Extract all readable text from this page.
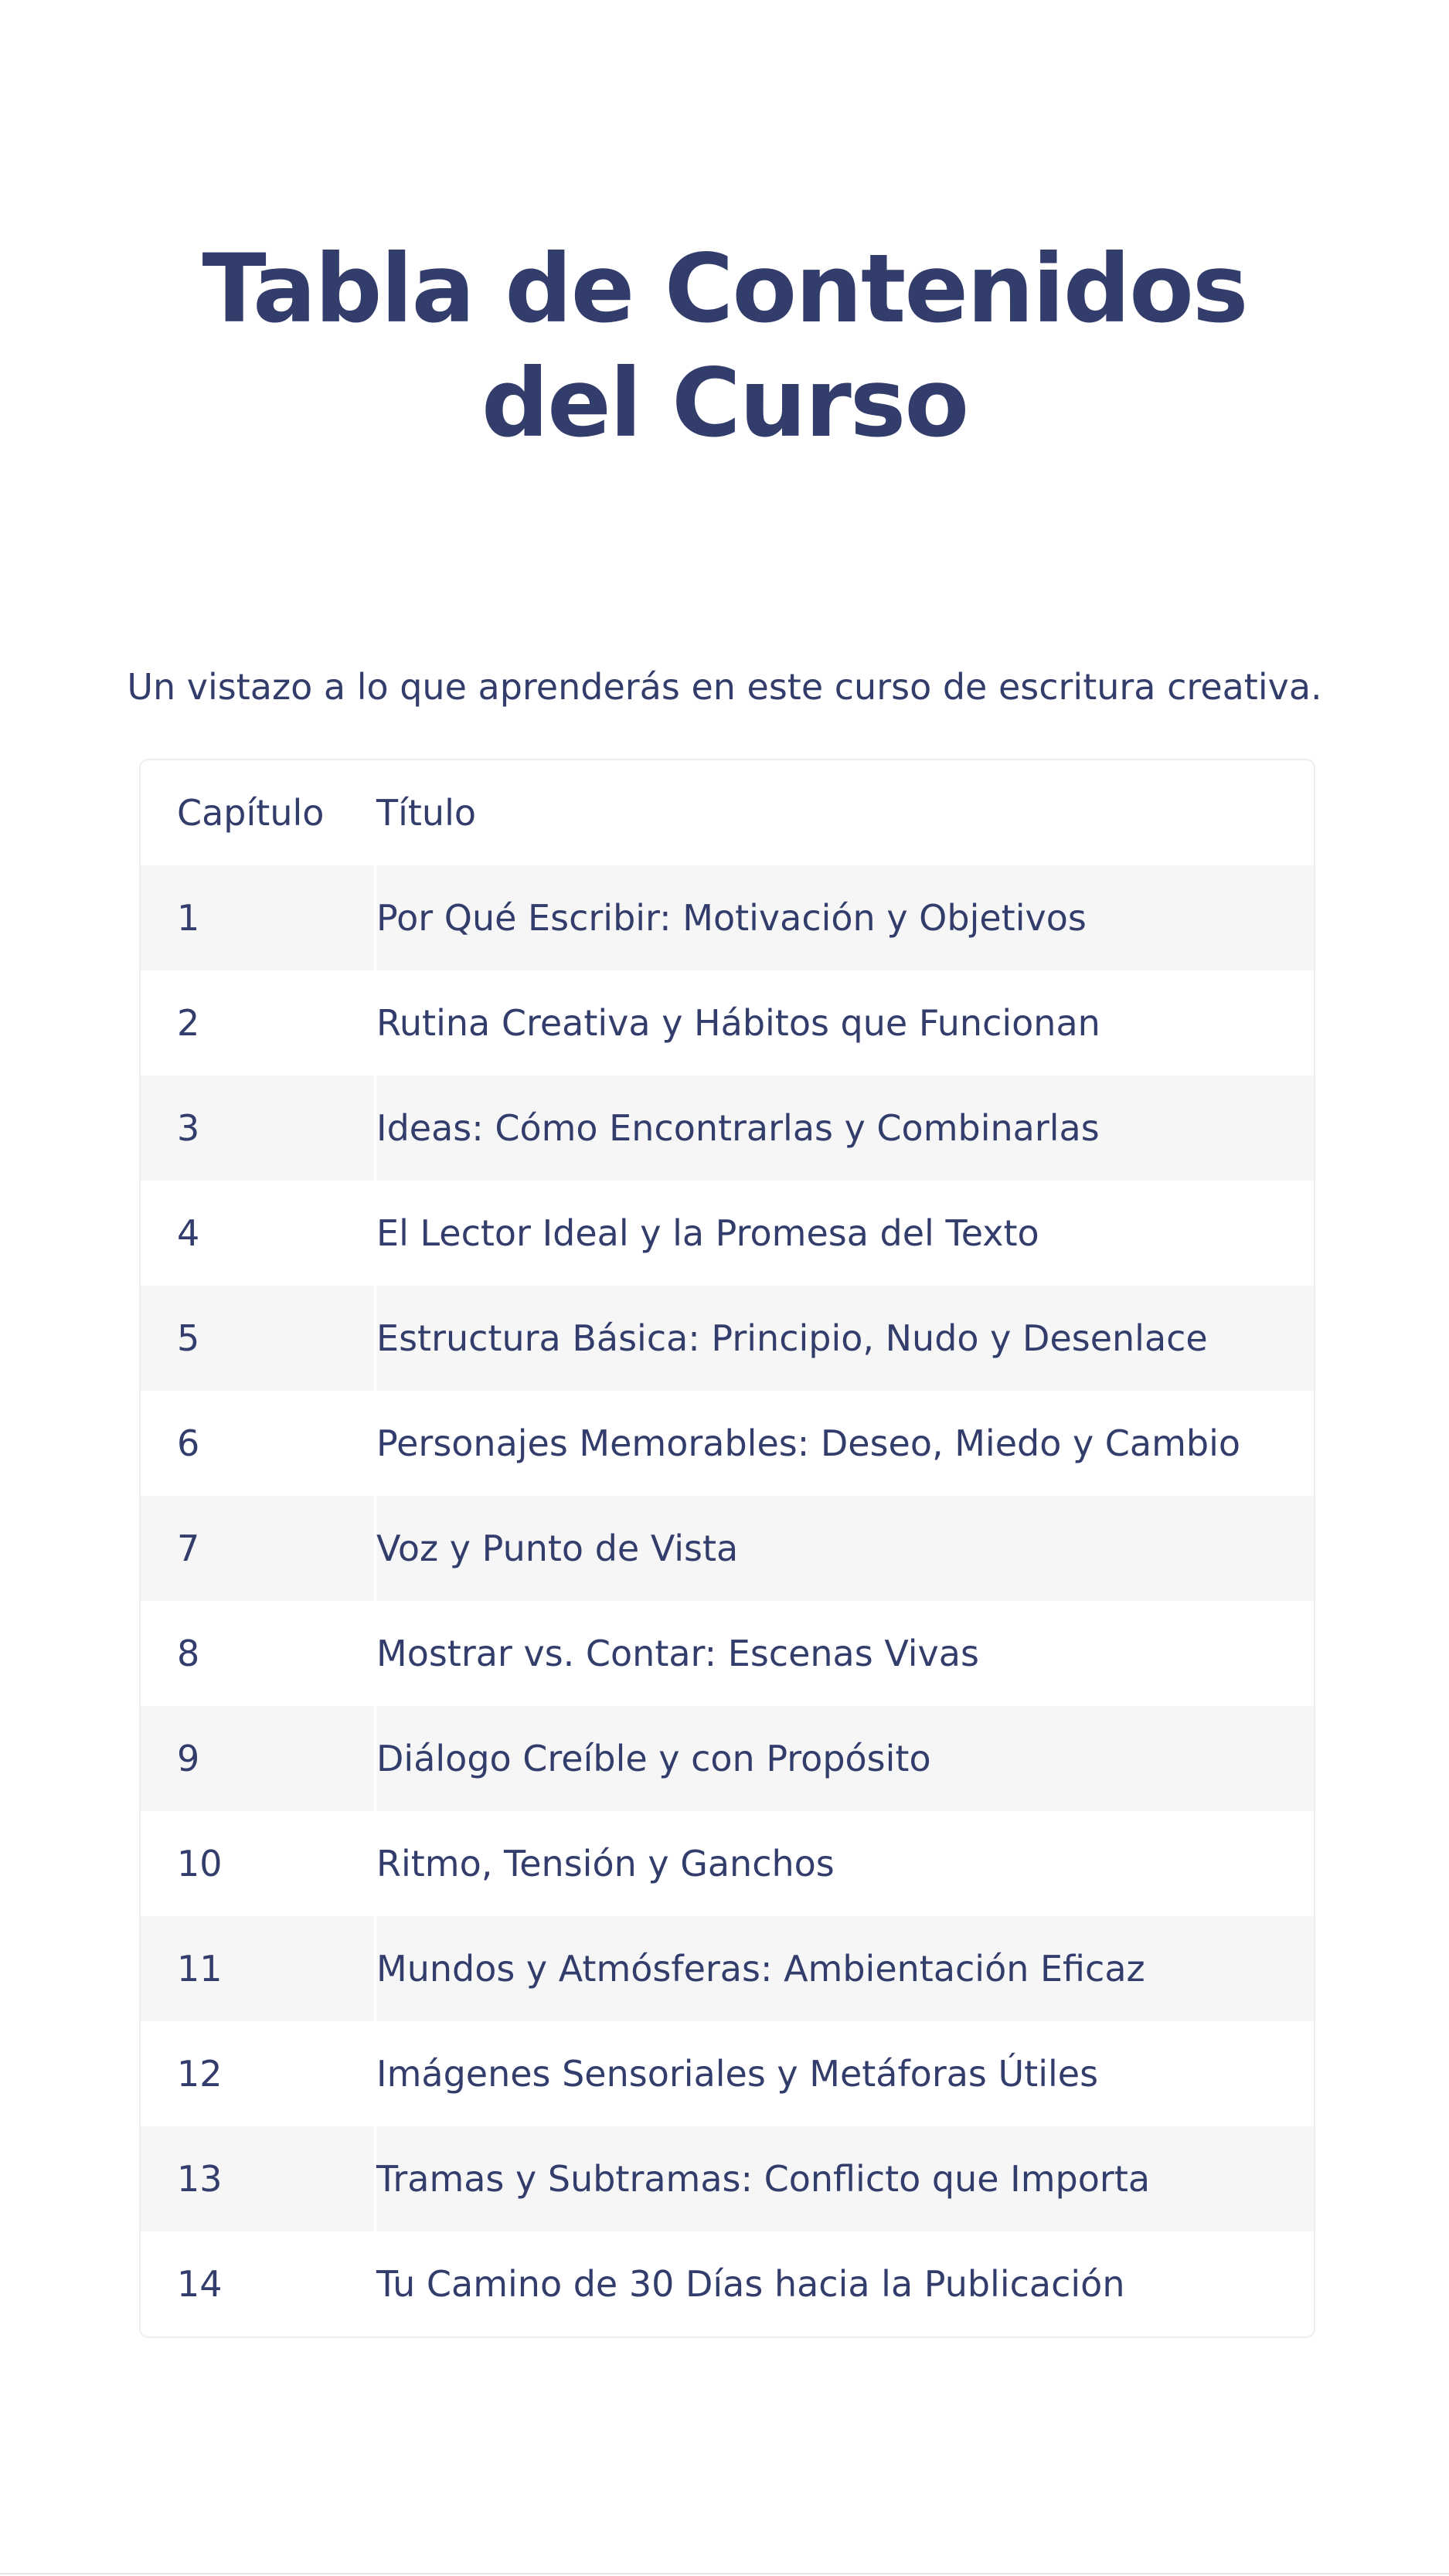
Tabla de Contenidos del Curso

Un vistazo a lo que aprenderás en este curso de escritura creativa.

Capítulo	Título
1	Por Qué Escribir: Motivación y Objetivos
2	Rutina Creativa y Hábitos que Funcionan
3	Ideas: Cómo Encontrarlas y Combinarlas
4	El Lector Ideal y la Promesa del Texto
5	Estructura Básica: Principio, Nudo y Desenlace
6	Personajes Memorables: Deseo, Miedo y Cambio
7	Voz y Punto de Vista
8	Mostrar vs. Contar: Escenas Vivas
9	Diálogo Creíble y con Propósito
10	Ritmo, Tensión y Ganchos
11	Mundos y Atmósferas: Ambientación Eficaz
12	Imágenes Sensoriales y Metáforas Útiles
13	Tramas y Subtramas: Conflicto que Importa
14	Tu Camino de 30 Días hacia la Publicación
